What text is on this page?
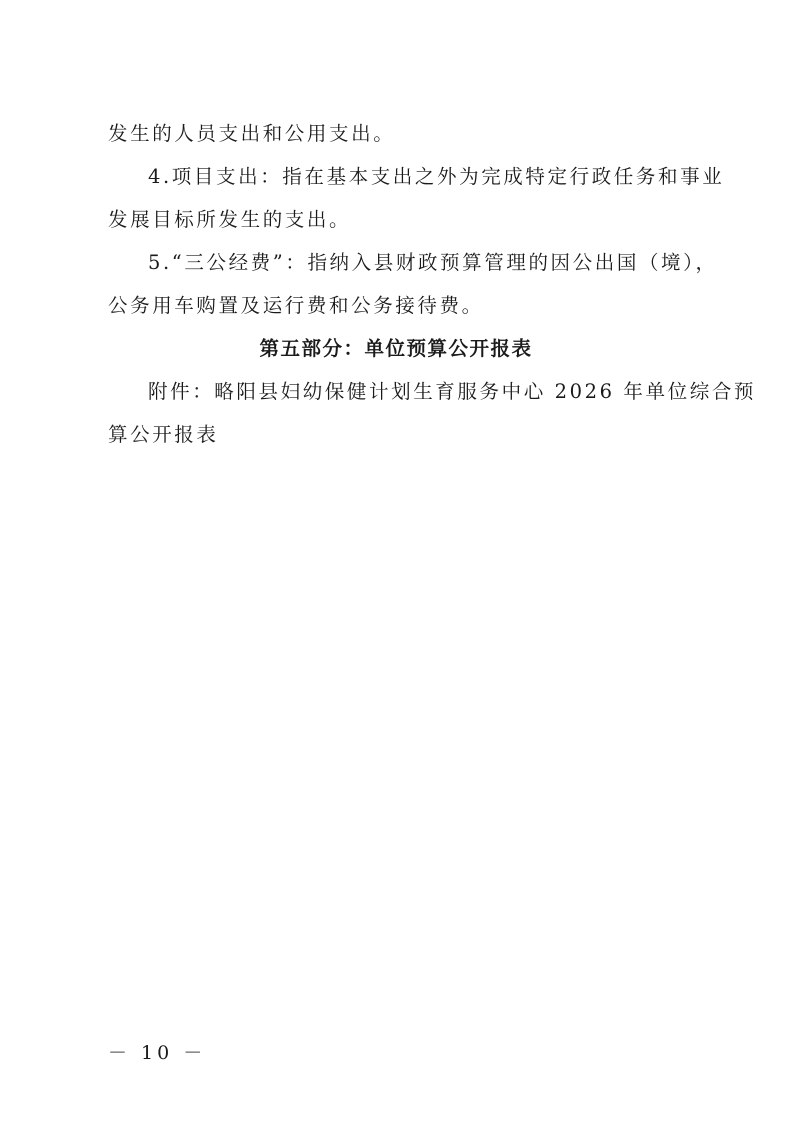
发生的人员支出和公用支出。
4.项目支出：指在基本支出之外为完成特定行政任务和事业
发展目标所发生的支出。
5.“三公经费”：指纳入县财政预算管理的因公出国（境），
公务用车购置及运行费和公务接待费。
第五部分：单位预算公开报表
附件：略阳县妇幼保健计划生育服务中心 2026 年单位综合预
算公开报表
－ 10 －
